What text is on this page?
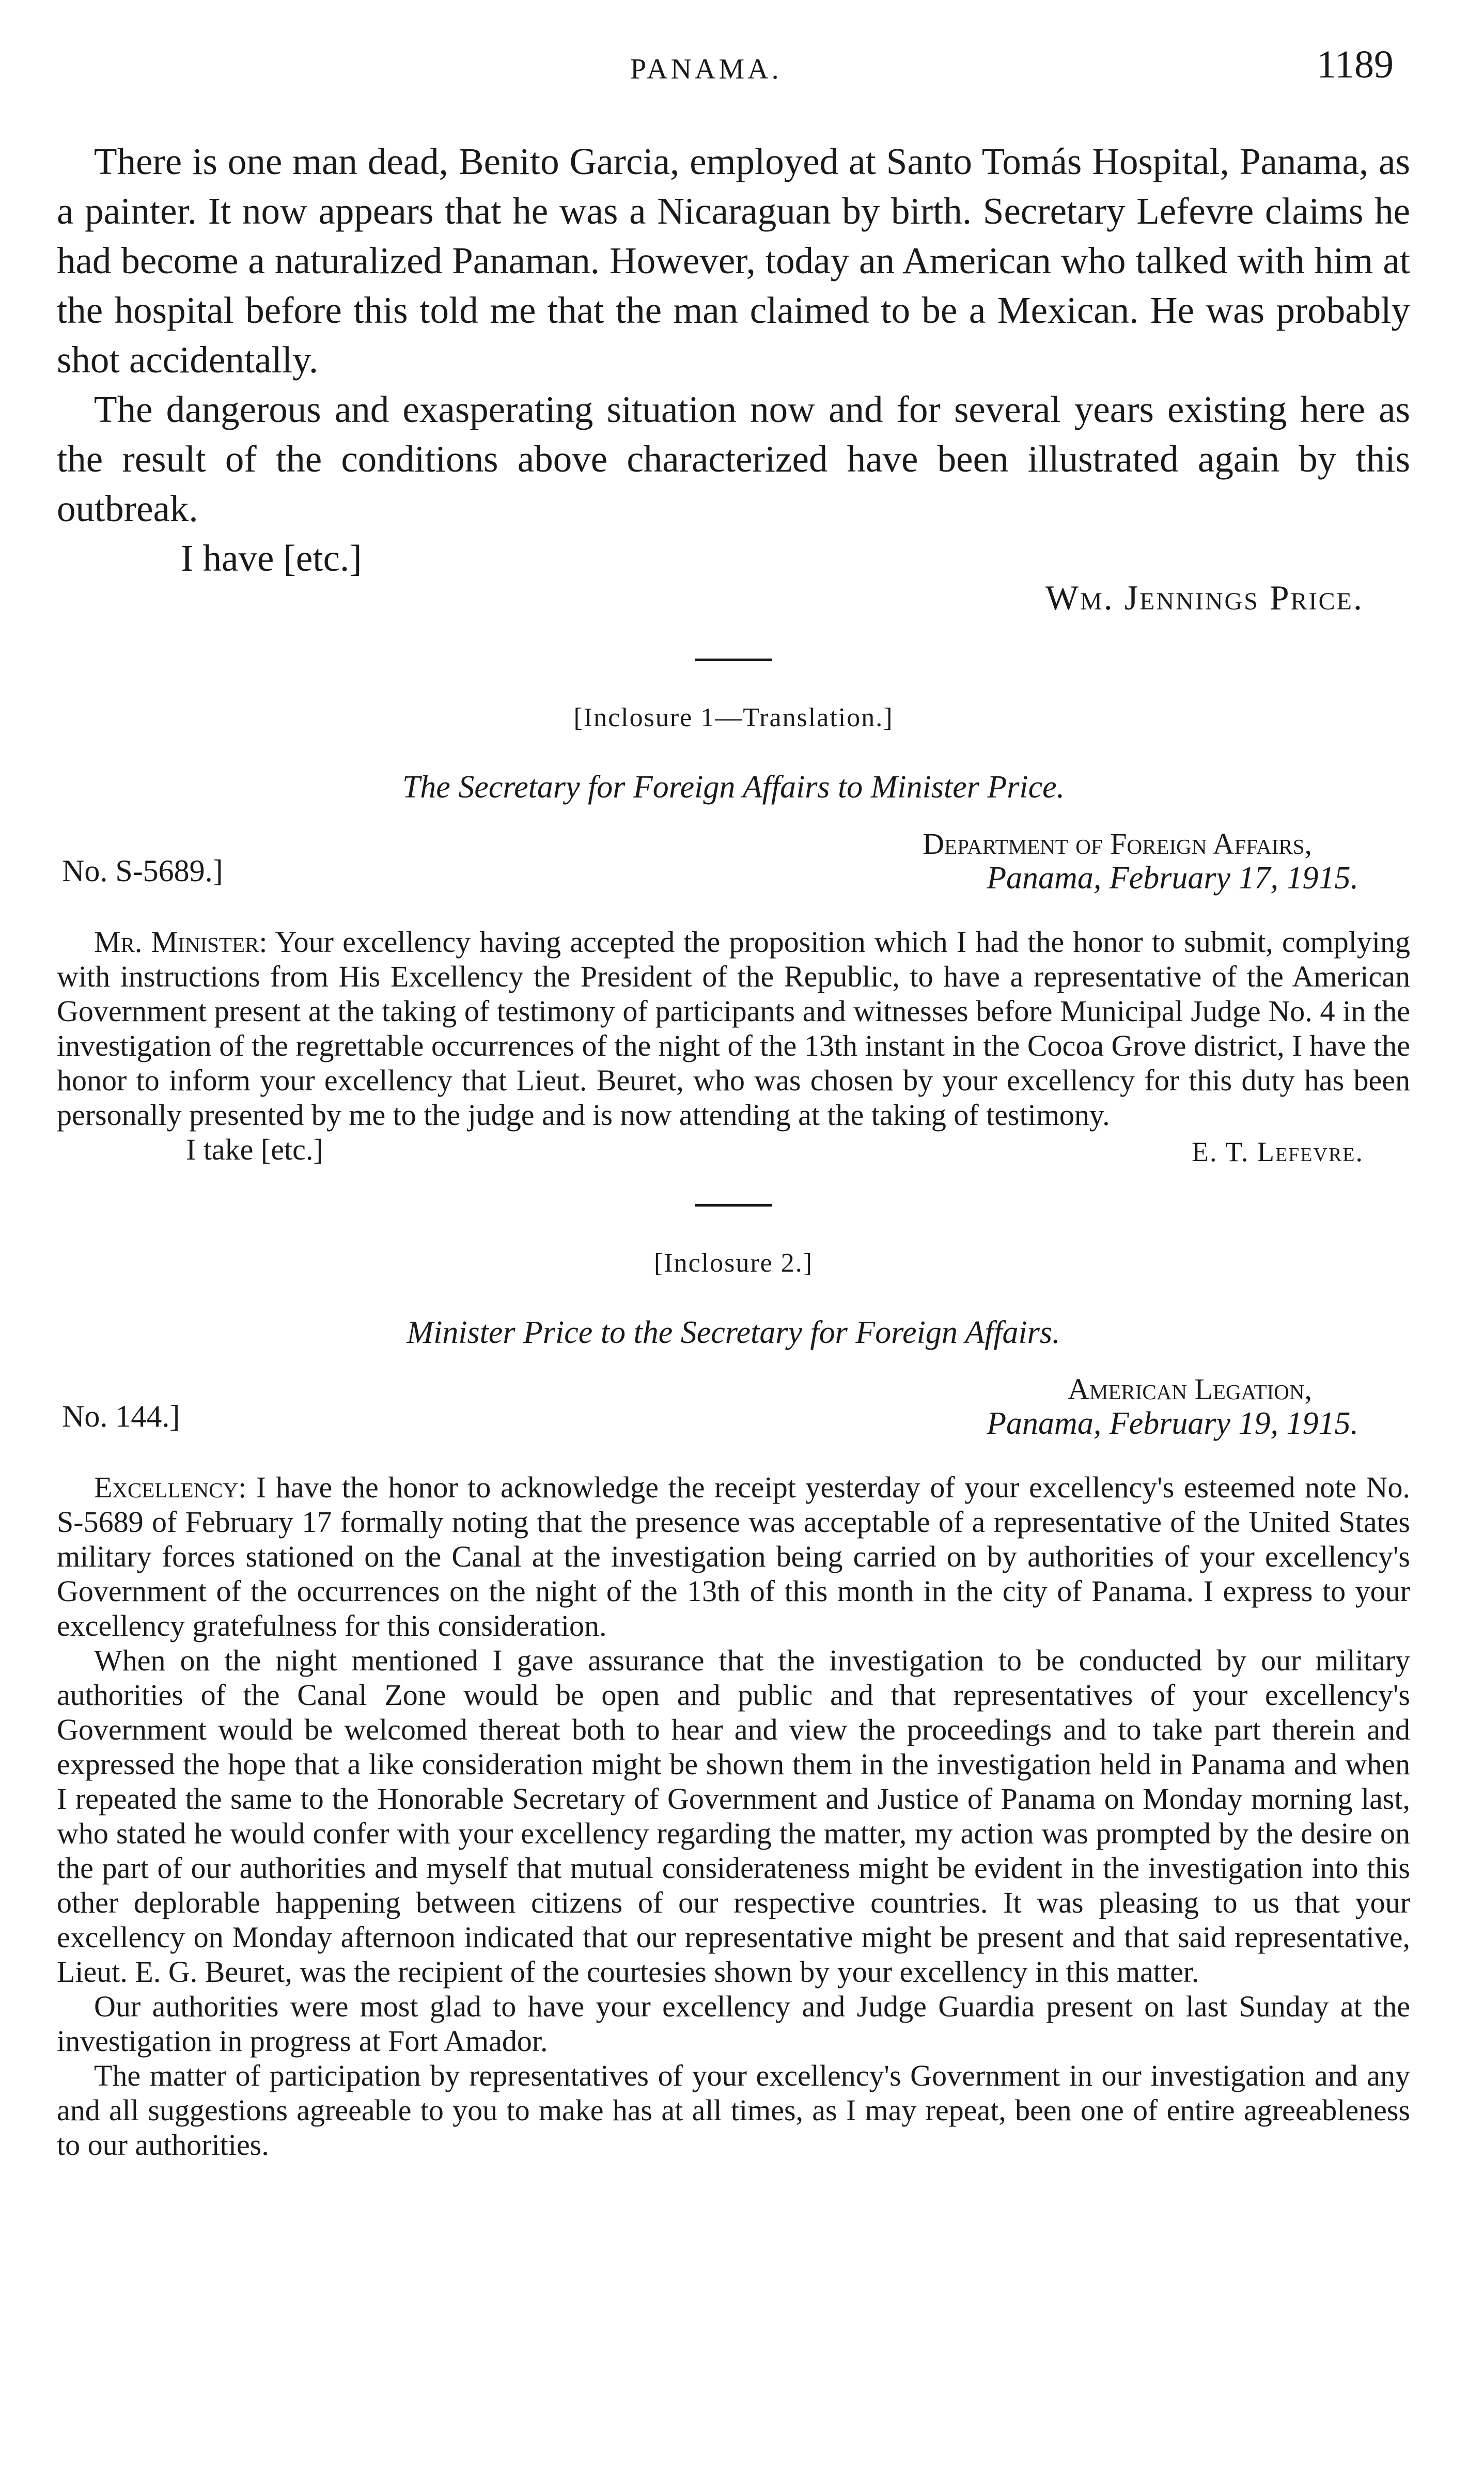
PANAMA.	1189

There is one man dead, Benito Garcia, employed at Santo Tomás Hospital, Panama, as a painter. It now appears that he was a Nicaraguan by birth. Secretary Lefevre claims he had become a naturalized Panaman. However, today an American who talked with him at the hospital before this told me that the man claimed to be a Mexican. He was probably shot accidentally.

The dangerous and exasperating situation now and for several years existing here as the result of the conditions above characterized have been illustrated again by this outbreak.

I have [etc.]

Wm. Jennings Price.

[Inclosure 1—Translation.]
The Secretary for Foreign Affairs to Minister Price.
No. S-5689.]
Department of Foreign Affairs,
Panama, February 17, 1915.

Mr. Minister: Your excellency having accepted the proposition which I had the honor to submit, complying with instructions from His Excellency the President of the Republic, to have a representative of the American Government present at the taking of testimony of participants and witnesses before Municipal Judge No. 4 in the investigation of the regrettable occurrences of the night of the 13th instant in the Cocoa Grove district, I have the honor to inform your excellency that Lieut. Beuret, who was chosen by your excellency for this duty has been personally presented by me to the judge and is now attending at the taking of testimony.

I take [etc.]	E. T. Lefevre.

[Inclosure 2.]
Minister Price to the Secretary for Foreign Affairs.
No. 144.]
American Legation,
Panama, February 19, 1915.

Excellency: I have the honor to acknowledge the receipt yesterday of your excellency's esteemed note No. S-5689 of February 17 formally noting that the presence was acceptable of a representative of the United States military forces stationed on the Canal at the investigation being carried on by authorities of your excellency's Government of the occurrences on the night of the 13th of this month in the city of Panama. I express to your excellency gratefulness for this consideration.

When on the night mentioned I gave assurance that the investigation to be conducted by our military authorities of the Canal Zone would be open and public and that representatives of your excellency's Government would be welcomed thereat both to hear and view the proceedings and to take part therein and expressed the hope that a like consideration might be shown them in the investigation held in Panama and when I repeated the same to the Honorable Secretary of Government and Justice of Panama on Monday morning last, who stated he would confer with your excellency regarding the matter, my action was prompted by the desire on the part of our authorities and myself that mutual considerateness might be evident in the investigation into this other deplorable happening between citizens of our respective countries. It was pleasing to us that your excellency on Monday afternoon indicated that our representative might be present and that said representative, Lieut. E. G. Beuret, was the recipient of the courtesies shown by your excellency in this matter.

Our authorities were most glad to have your excellency and Judge Guardia present on last Sunday at the investigation in progress at Fort Amador.

The matter of participation by representatives of your excellency's Government in our investigation and any and all suggestions agreeable to you to make has at all times, as I may repeat, been one of entire agreeableness to our authorities.
